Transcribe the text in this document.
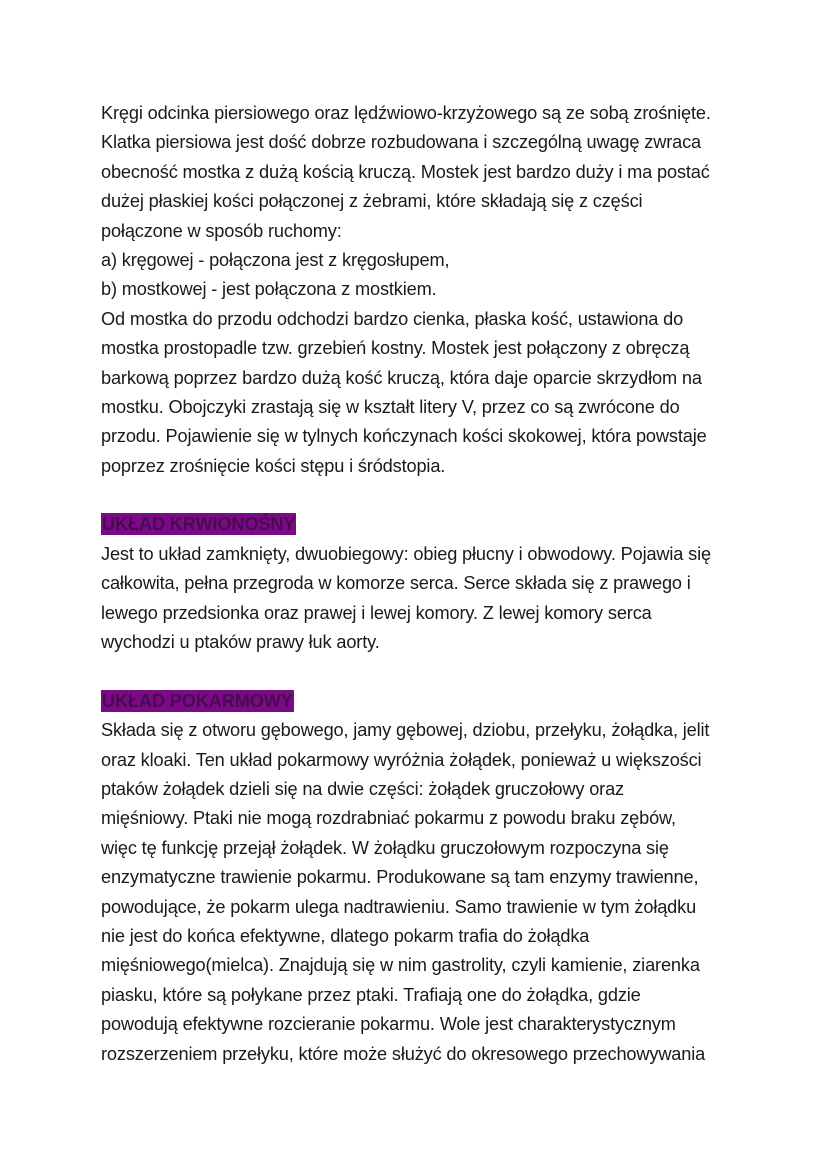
Kręgi odcinka piersiowego oraz lędźwiowo-krzyżowego są ze sobą zrośnięte.
Klatka piersiowa jest dość dobrze rozbudowana i szczególną uwagę zwraca
obecność mostka z dużą kością kruczą. Mostek jest bardzo duży i ma postać
dużej płaskiej kości połączonej z żebrami, które składają się z części
połączone w sposób ruchomy:
a) kręgowej - połączona jest z kręgosłupem,
b) mostkowej - jest połączona z mostkiem.
Od mostka do przodu odchodzi bardzo cienka, płaska kość, ustawiona do
mostka prostopadle tzw. grzebień kostny. Mostek jest połączony z obręczą
barkową poprzez bardzo dużą kość kruczą, która daje oparcie skrzydłom na
mostku. Obojczyki zrastają się w kształt litery V, przez co są zwrócone do
przodu. Pojawienie się w tylnych kończynach kości skokowej, która powstaje
poprzez zrośnięcie kości stępu i śródstopia.
UKŁAD KRWIONOŚNY
Jest to układ zamknięty, dwuobiegowy: obieg płucny i obwodowy. Pojawia się
całkowita, pełna przegroda w komorze serca. Serce składa się z prawego i
lewego przedsionka oraz prawej i lewej komory. Z lewej komory serca
wychodzi u ptaków prawy łuk aorty.
UKŁAD POKARMOWY
Składa się z otworu gębowego, jamy gębowej, dziobu, przełyku, żołądka, jelit
oraz kloaki. Ten układ pokarmowy wyróżnia żołądek, ponieważ u większości
ptaków żołądek dzieli się na dwie części: żołądek gruczołowy oraz
mięśniowy. Ptaki nie mogą rozdrabniać pokarmu z powodu braku zębów,
więc tę funkcję przejął żołądek. W żołądku gruczołowym rozpoczyna się
enzymatyczne trawienie pokarmu. Produkowane są tam enzymy trawienne,
powodujące, że pokarm ulega nadtrawieniu. Samo trawienie w tym żołądku
nie jest do końca efektywne, dlatego pokarm trafia do żołądka
mięśniowego(mielca). Znajdują się w nim gastrolity, czyli kamienie, ziarenka
piasku, które są połykane przez ptaki. Trafiają one do żołądka, gdzie
powodują efektywne rozcieranie pokarmu. Wole jest charakterystycznym
rozszerzeniem przełyku, które może służyć do okresowego przechowywania
